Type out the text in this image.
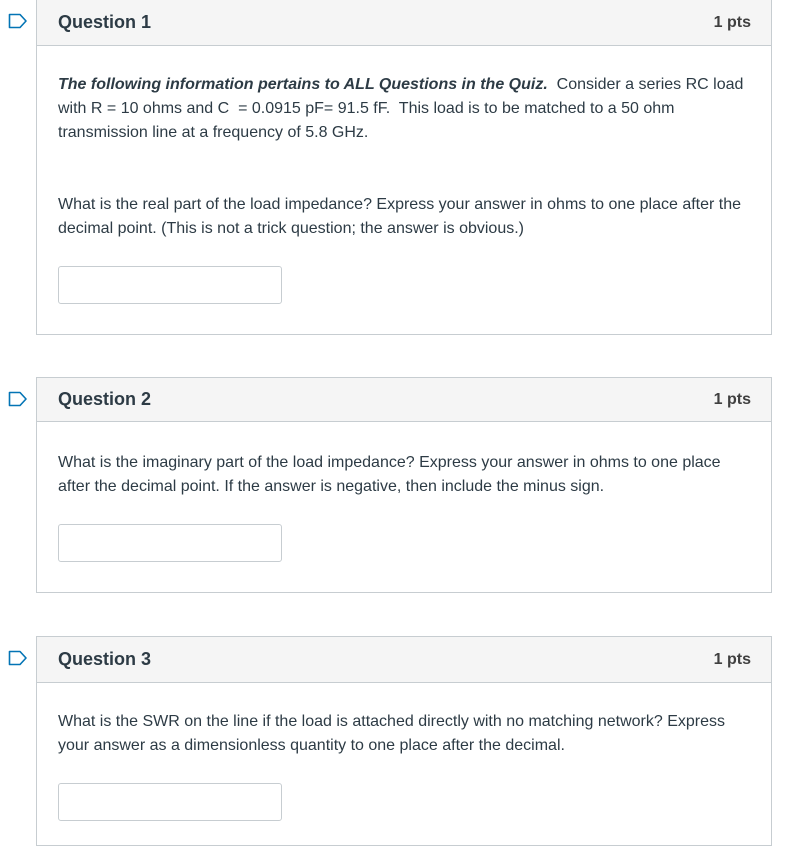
Question 1	1 pts

The following information pertains to ALL Questions in the Quiz.  Consider a series RC load with R = 10 ohms and C  = 0.0915 pF= 91.5 fF.  This load is to be matched to a 50 ohm transmission line at a frequency of 5.8 GHz.

What is the real part of the load impedance? Express your answer in ohms to one place after the decimal point. (This is not a trick question; the answer is obvious.)

Question 2	1 pts

What is the imaginary part of the load impedance? Express your answer in ohms to one place after the decimal point. If the answer is negative, then include the minus sign.

Question 3	1 pts

What is the SWR on the line if the load is attached directly with no matching network? Express your answer as a dimensionless quantity to one place after the decimal.
